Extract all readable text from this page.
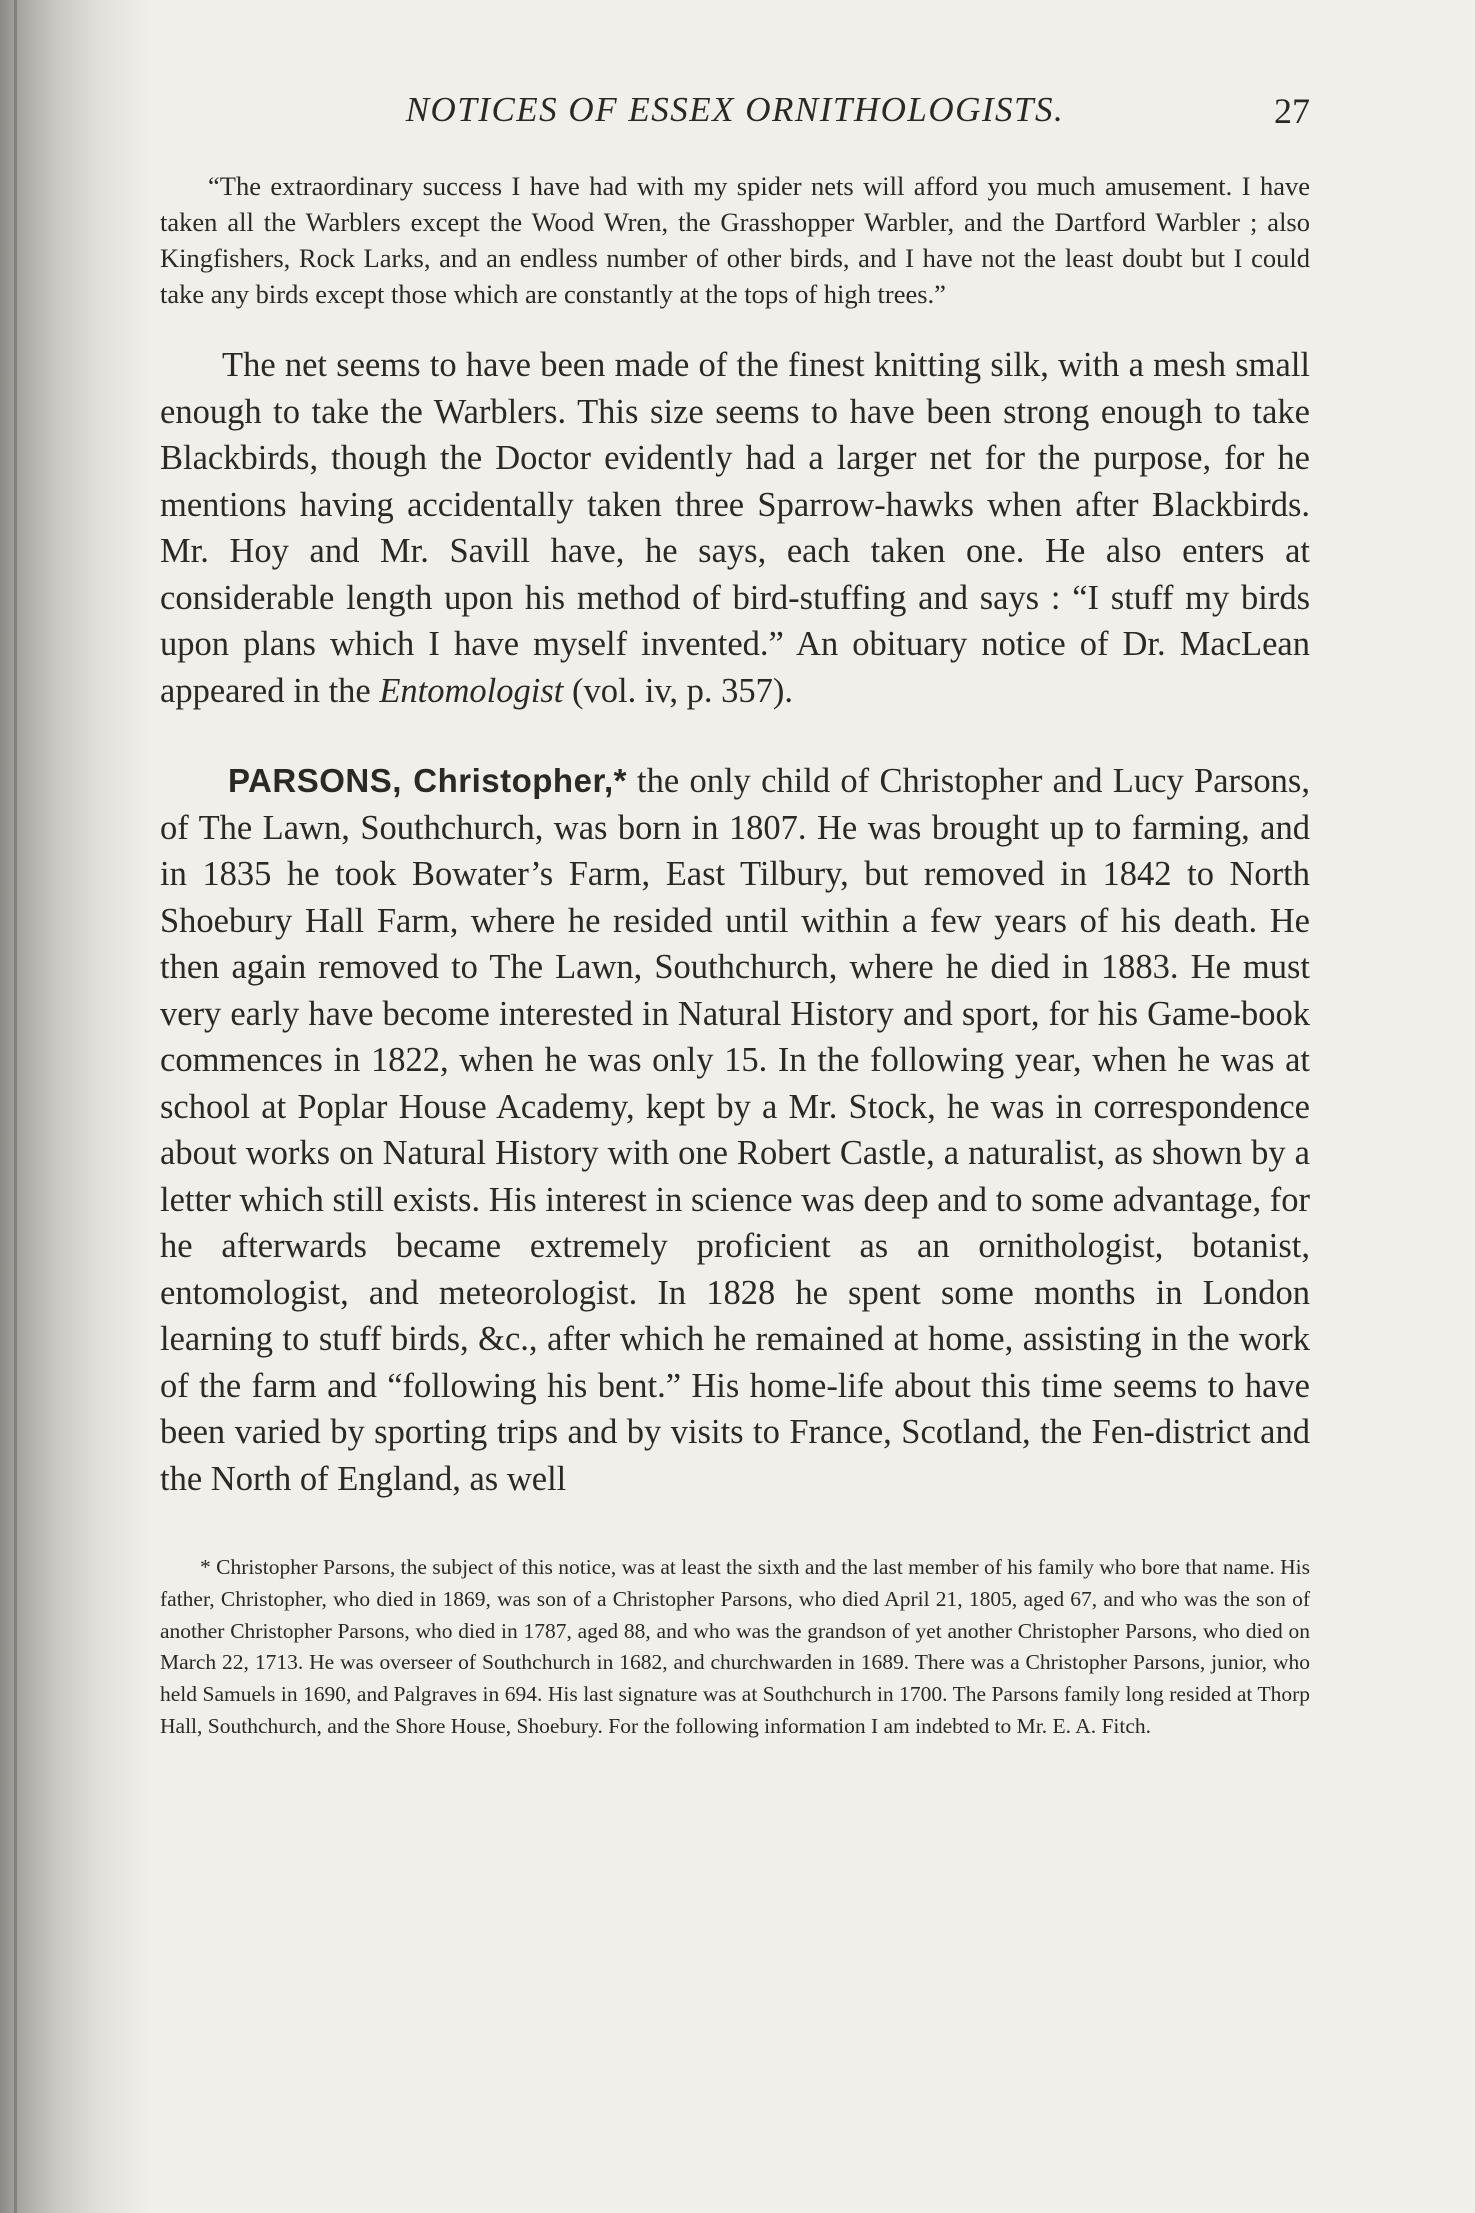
NOTICES OF ESSEX ORNITHOLOGISTS.	27

“The extraordinary success I have had with my spider nets will afford you much amusement. I have taken all the Warblers except the Wood Wren, the Grasshopper Warbler, and the Dartford Warbler ; also Kingfishers, Rock Larks, and an endless number of other birds, and I have not the least doubt but I could take any birds except those which are constantly at the tops of high trees.”

The net seems to have been made of the finest knitting silk, with a mesh small enough to take the Warblers. This size seems to have been strong enough to take Blackbirds, though the Doctor evidently had a larger net for the purpose, for he mentions having accidentally taken three Sparrow-hawks when after Blackbirds. Mr. Hoy and Mr. Savill have, he says, each taken one. He also enters at considerable length upon his method of bird-stuffing and says : “I stuff my birds upon plans which I have myself invented.” An obituary notice of Dr. MacLean appeared in the Entomologist (vol. iv, p. 357).

PARSONS, Christopher,* the only child of Christopher and Lucy Parsons, of The Lawn, Southchurch, was born in 1807. He was brought up to farming, and in 1835 he took Bowater’s Farm, East Tilbury, but removed in 1842 to North Shoebury Hall Farm, where he resided until within a few years of his death. He then again removed to The Lawn, Southchurch, where he died in 1883. He must very early have become interested in Natural History and sport, for his Game-book commences in 1822, when he was only 15. In the following year, when he was at school at Poplar House Academy, kept by a Mr. Stock, he was in correspondence about works on Natural History with one Robert Castle, a naturalist, as shown by a letter which still exists. His interest in science was deep and to some advantage, for he afterwards became extremely proficient as an ornithologist, botanist, entomologist, and meteorologist. In 1828 he spent some months in London learning to stuff birds, &c., after which he remained at home, assisting in the work of the farm and “following his bent.” His home-life about this time seems to have been varied by sporting trips and by visits to France, Scotland, the Fen-district and the North of England, as well

* Christopher Parsons, the subject of this notice, was at least the sixth and the last member of his family who bore that name. His father, Christopher, who died in 1869, was son of a Christopher Parsons, who died April 21, 1805, aged 67, and who was the son of another Christopher Parsons, who died in 1787, aged 88, and who was the grandson of yet another Christopher Parsons, who died on March 22, 1713. He was overseer of Southchurch in 1682, and churchwarden in 1689. There was a Christopher Parsons, junior, who held Samuels in 1690, and Palgraves in 694. His last signature was at Southchurch in 1700. The Parsons family long resided at Thorp Hall, Southchurch, and the Shore House, Shoebury. For the following information I am indebted to Mr. E. A. Fitch.
